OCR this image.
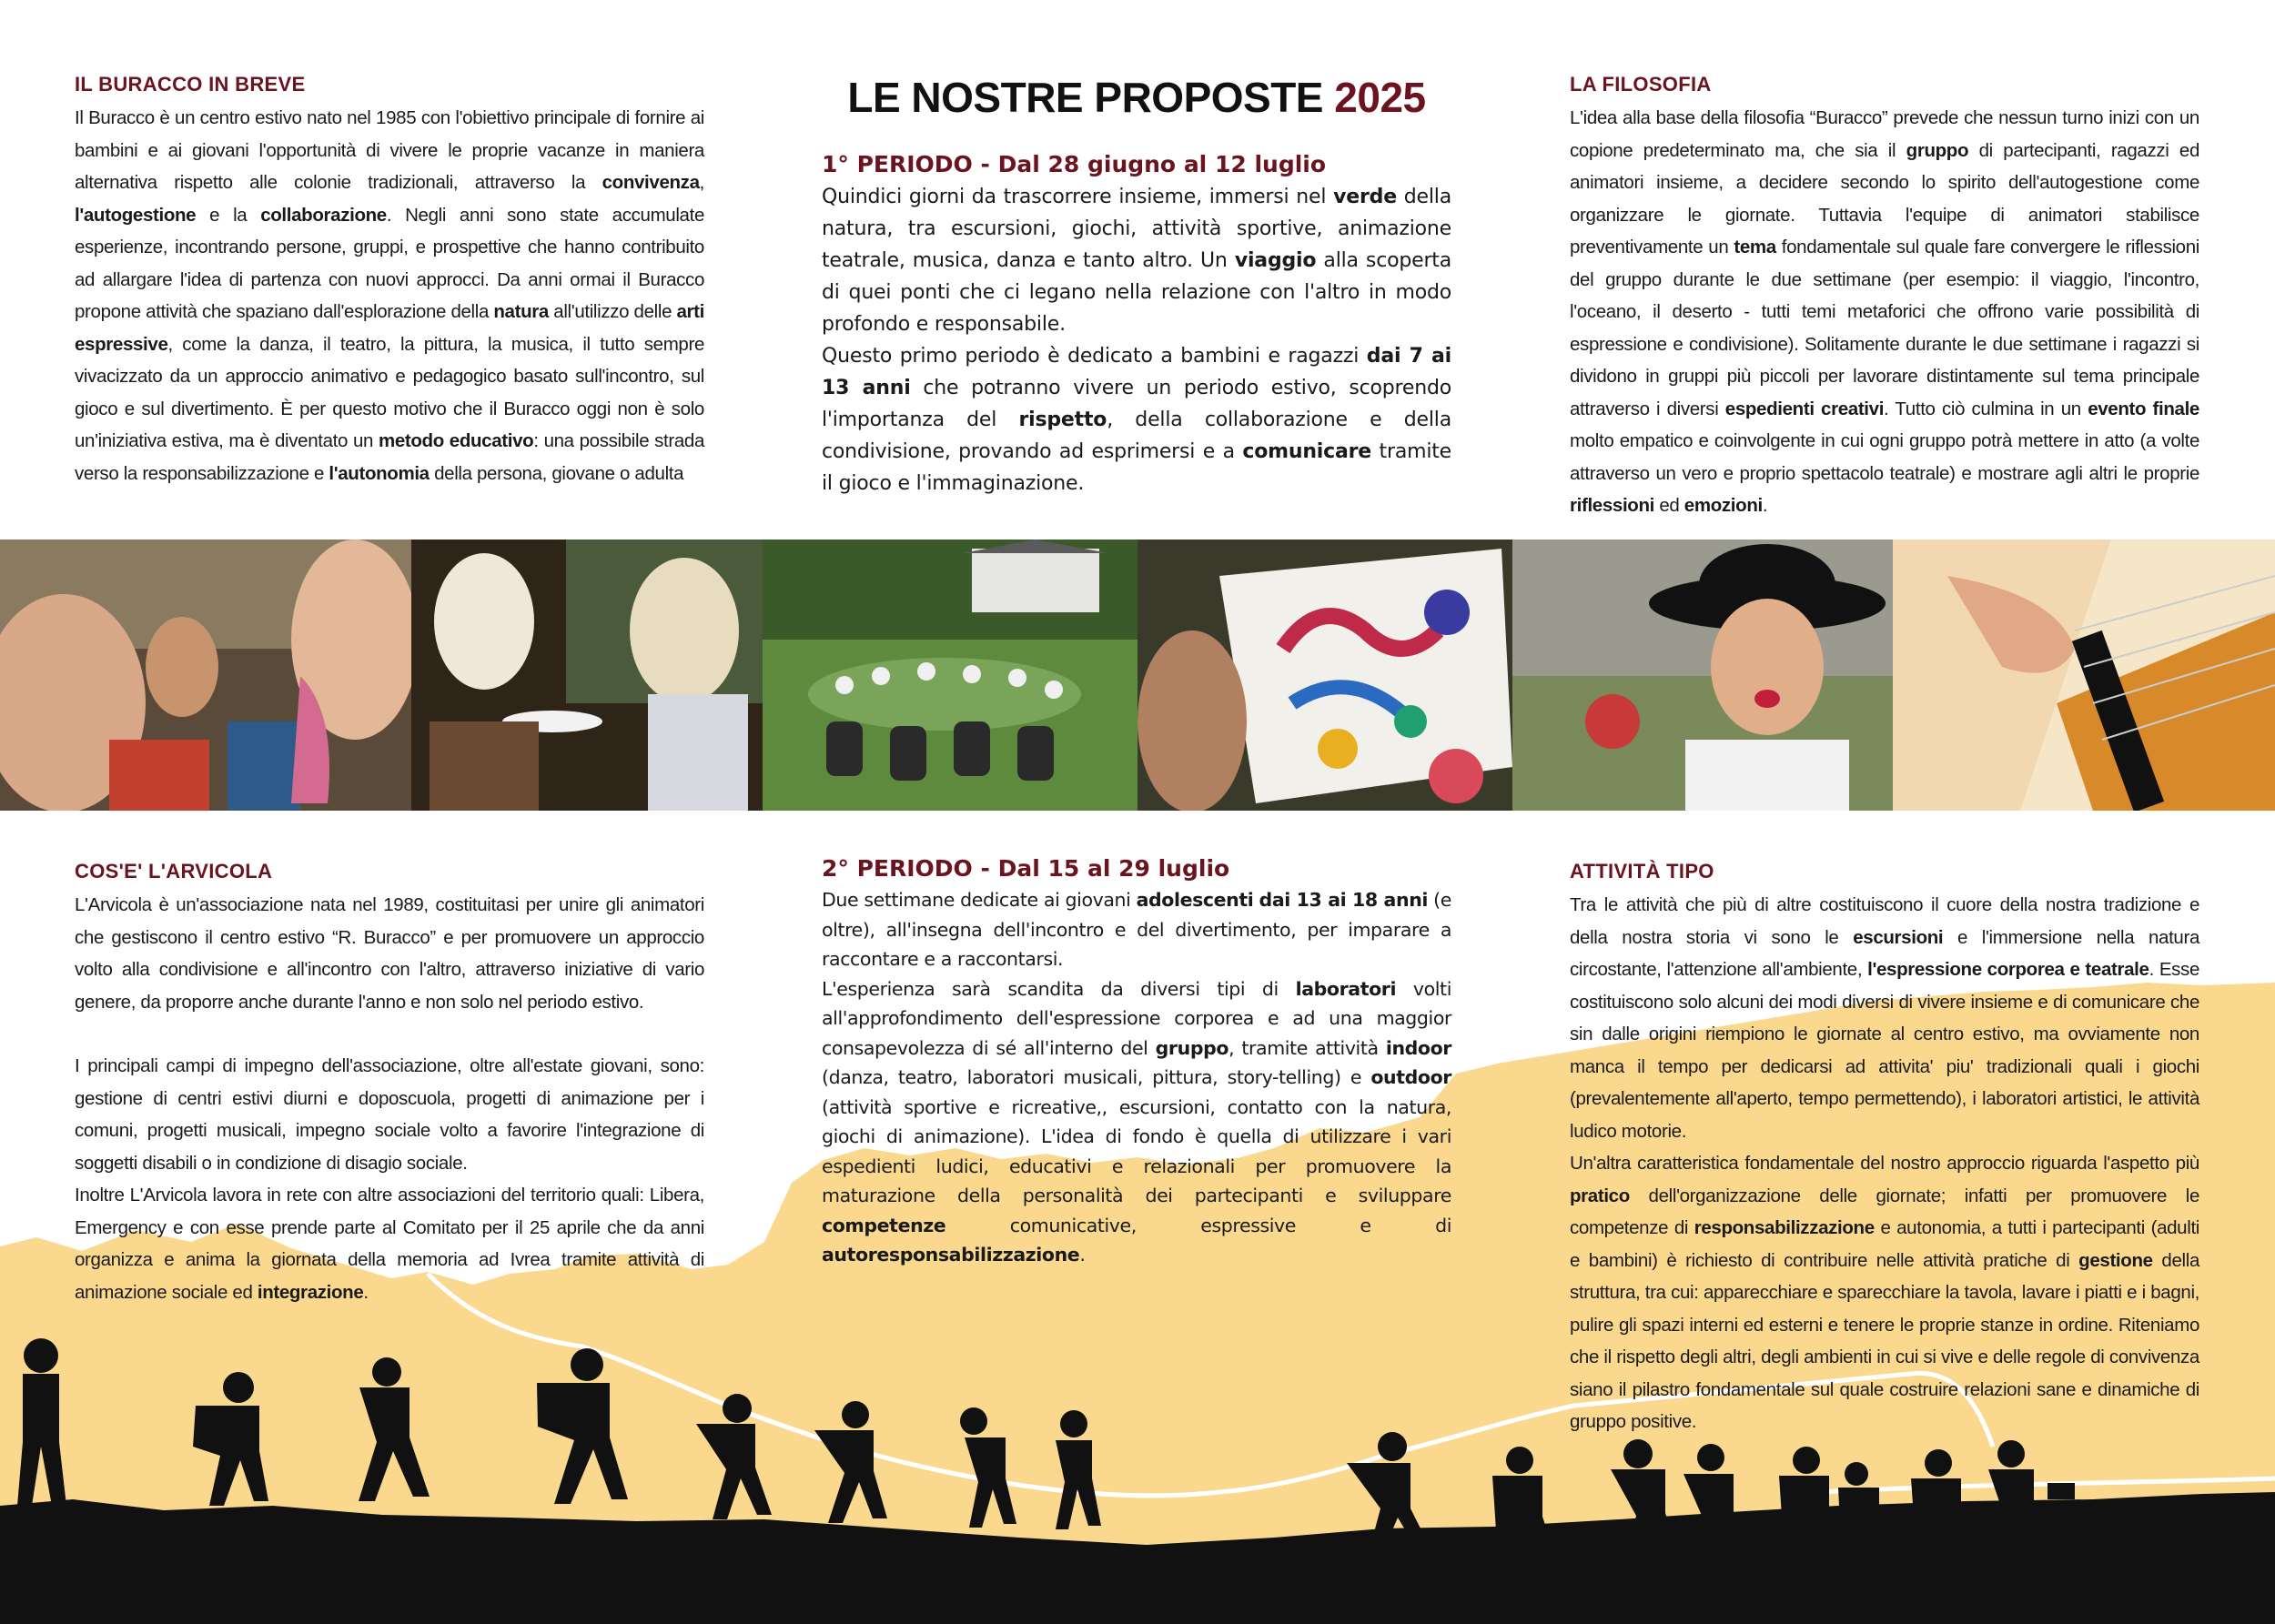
LE NOSTRE PROPOSTE 2025
IL BURACCO IN BREVE

Il Buracco è un centro estivo nato nel 1985 con l'obiettivo principale di fornire ai bambini e ai giovani l'opportunità di vivere le proprie vacanze in maniera alternativa rispetto alle colonie tradizionali, attraverso la convivenza, l'autogestione e la collaborazione. Negli anni sono state accumulate esperienze, incontrando persone, gruppi, e prospettive che hanno contribuito ad allargare l'idea di partenza con nuovi approcci. Da anni ormai il Buracco propone attività che spaziano dall'esplorazione della natura all'utilizzo delle arti espressive, come la danza, il teatro, la pittura, la musica, il tutto sempre vivacizzato da un approccio animativo e pedagogico basato sull'incontro, sul gioco e sul divertimento. È per questo motivo che il Buracco oggi non è solo un'iniziativa estiva, ma è diventato un metodo educativo: una possibile strada verso la responsabilizzazione e l'autonomia della persona, giovane o adulta

1° PERIODO - Dal 28 giugno al 12 luglio

Quindici giorni da trascorrere insieme, immersi nel verde della natura, tra escursioni, giochi, attività sportive, animazione teatrale, musica, danza e tanto altro. Un viaggio alla scoperta di quei ponti che ci legano nella relazione con l'altro in modo profondo e responsabile.

Questo primo periodo è dedicato a bambini e ragazzi dai 7 ai 13 anni che potranno vivere un periodo estivo, scoprendo l'importanza del rispetto, della collaborazione e della condivisione, provando ad esprimersi e a comunicare tramite il gioco e l'immaginazione.

LA FILOSOFIA

L'idea alla base della filosofia “Buracco” prevede che nessun turno inizi con un copione predeterminato ma, che sia il gruppo di partecipanti, ragazzi ed animatori insieme, a decidere secondo lo spirito dell'autogestione come organizzare le giornate. Tuttavia l'equipe di animatori stabilisce preventivamente un tema fondamentale sul quale fare convergere le riflessioni del gruppo durante le due settimane (per esempio: il viaggio, l'incontro, l'oceano, il deserto - tutti temi metaforici che offrono varie possibilità di espressione e condivisione). Solitamente durante le due settimane i ragazzi si dividono in gruppi più piccoli per lavorare distintamente sul tema principale attraverso i diversi espedienti creativi. Tutto ciò culmina in un evento finale molto empatico e coinvolgente in cui ogni gruppo potrà mettere in atto (a volte attraverso un vero e proprio spettacolo teatrale) e mostrare agli altri le proprie riflessioni ed emozioni.

COS'E' L'ARVICOLA

L'Arvicola è un'associazione nata nel 1989, costituitasi per unire gli animatori che gestiscono il centro estivo “R. Buracco” e per promuovere un approccio volto alla condivisione e all'incontro con l'altro, attraverso iniziative di vario genere, da proporre anche durante l'anno e non solo nel periodo estivo.

I principali campi di impegno dell'associazione, oltre all'estate giovani, sono: gestione di centri estivi diurni e doposcuola, progetti di animazione per i comuni, progetti musicali, impegno sociale volto a favorire l'integrazione di soggetti disabili o in condizione di disagio sociale.

Inoltre L'Arvicola lavora in rete con altre associazioni del territorio quali: Libera, Emergency e con esse prende parte al Comitato per il 25 aprile che da anni organizza e anima la giornata della memoria ad Ivrea tramite attività di animazione sociale ed integrazione.

2° PERIODO - Dal 15 al 29 luglio

Due settimane dedicate ai giovani adolescenti dai 13 ai 18 anni (e oltre), all'insegna dell'incontro e del divertimento, per imparare a raccontare e a raccontarsi.

L'esperienza sarà scandita da diversi tipi di laboratori volti all'approfondimento dell'espressione corporea e ad una maggior consapevolezza di sé all'interno del gruppo, tramite attività indoor (danza, teatro, laboratori musicali, pittura, story-telling) e outdoor (attività sportive e ricreative,, escursioni, contatto con la natura, giochi di animazione). L'idea di fondo è quella di utilizzare i vari espedienti ludici, educativi e relazionali per promuovere la maturazione della personalità dei partecipanti e sviluppare competenze comunicative, espressive e di autoresponsabilizzazione.

ATTIVITÀ TIPO

Tra le attività che più di altre costituiscono il cuore della nostra tradizione e della nostra storia vi sono le escursioni e l'immersione nella natura circostante, l'attenzione all'ambiente, l'espressione corporea e teatrale. Esse costituiscono solo alcuni dei modi diversi di vivere insieme e di comunicare che sin dalle origini riempiono le giornate al centro estivo, ma ovviamente non manca il tempo per dedicarsi ad attivita' piu' tradizionali quali i giochi (prevalentemente all'aperto, tempo permettendo), i laboratori artistici, le attività ludico motorie.

Un'altra caratteristica fondamentale del nostro approccio riguarda l'aspetto più pratico dell'organizzazione delle giornate; infatti per promuovere le competenze di responsabilizzazione e autonomia, a tutti i partecipanti (adulti e bambini) è richiesto di contribuire nelle attività pratiche di gestione della struttura, tra cui: apparecchiare e sparecchiare la tavola, lavare i piatti e i bagni, pulire gli spazi interni ed esterni e tenere le proprie stanze in ordine. Riteniamo che il rispetto degli altri, degli ambienti in cui si vive e delle regole di convivenza siano il pilastro fondamentale sul quale costruire relazioni sane e dinamiche di gruppo positive.
